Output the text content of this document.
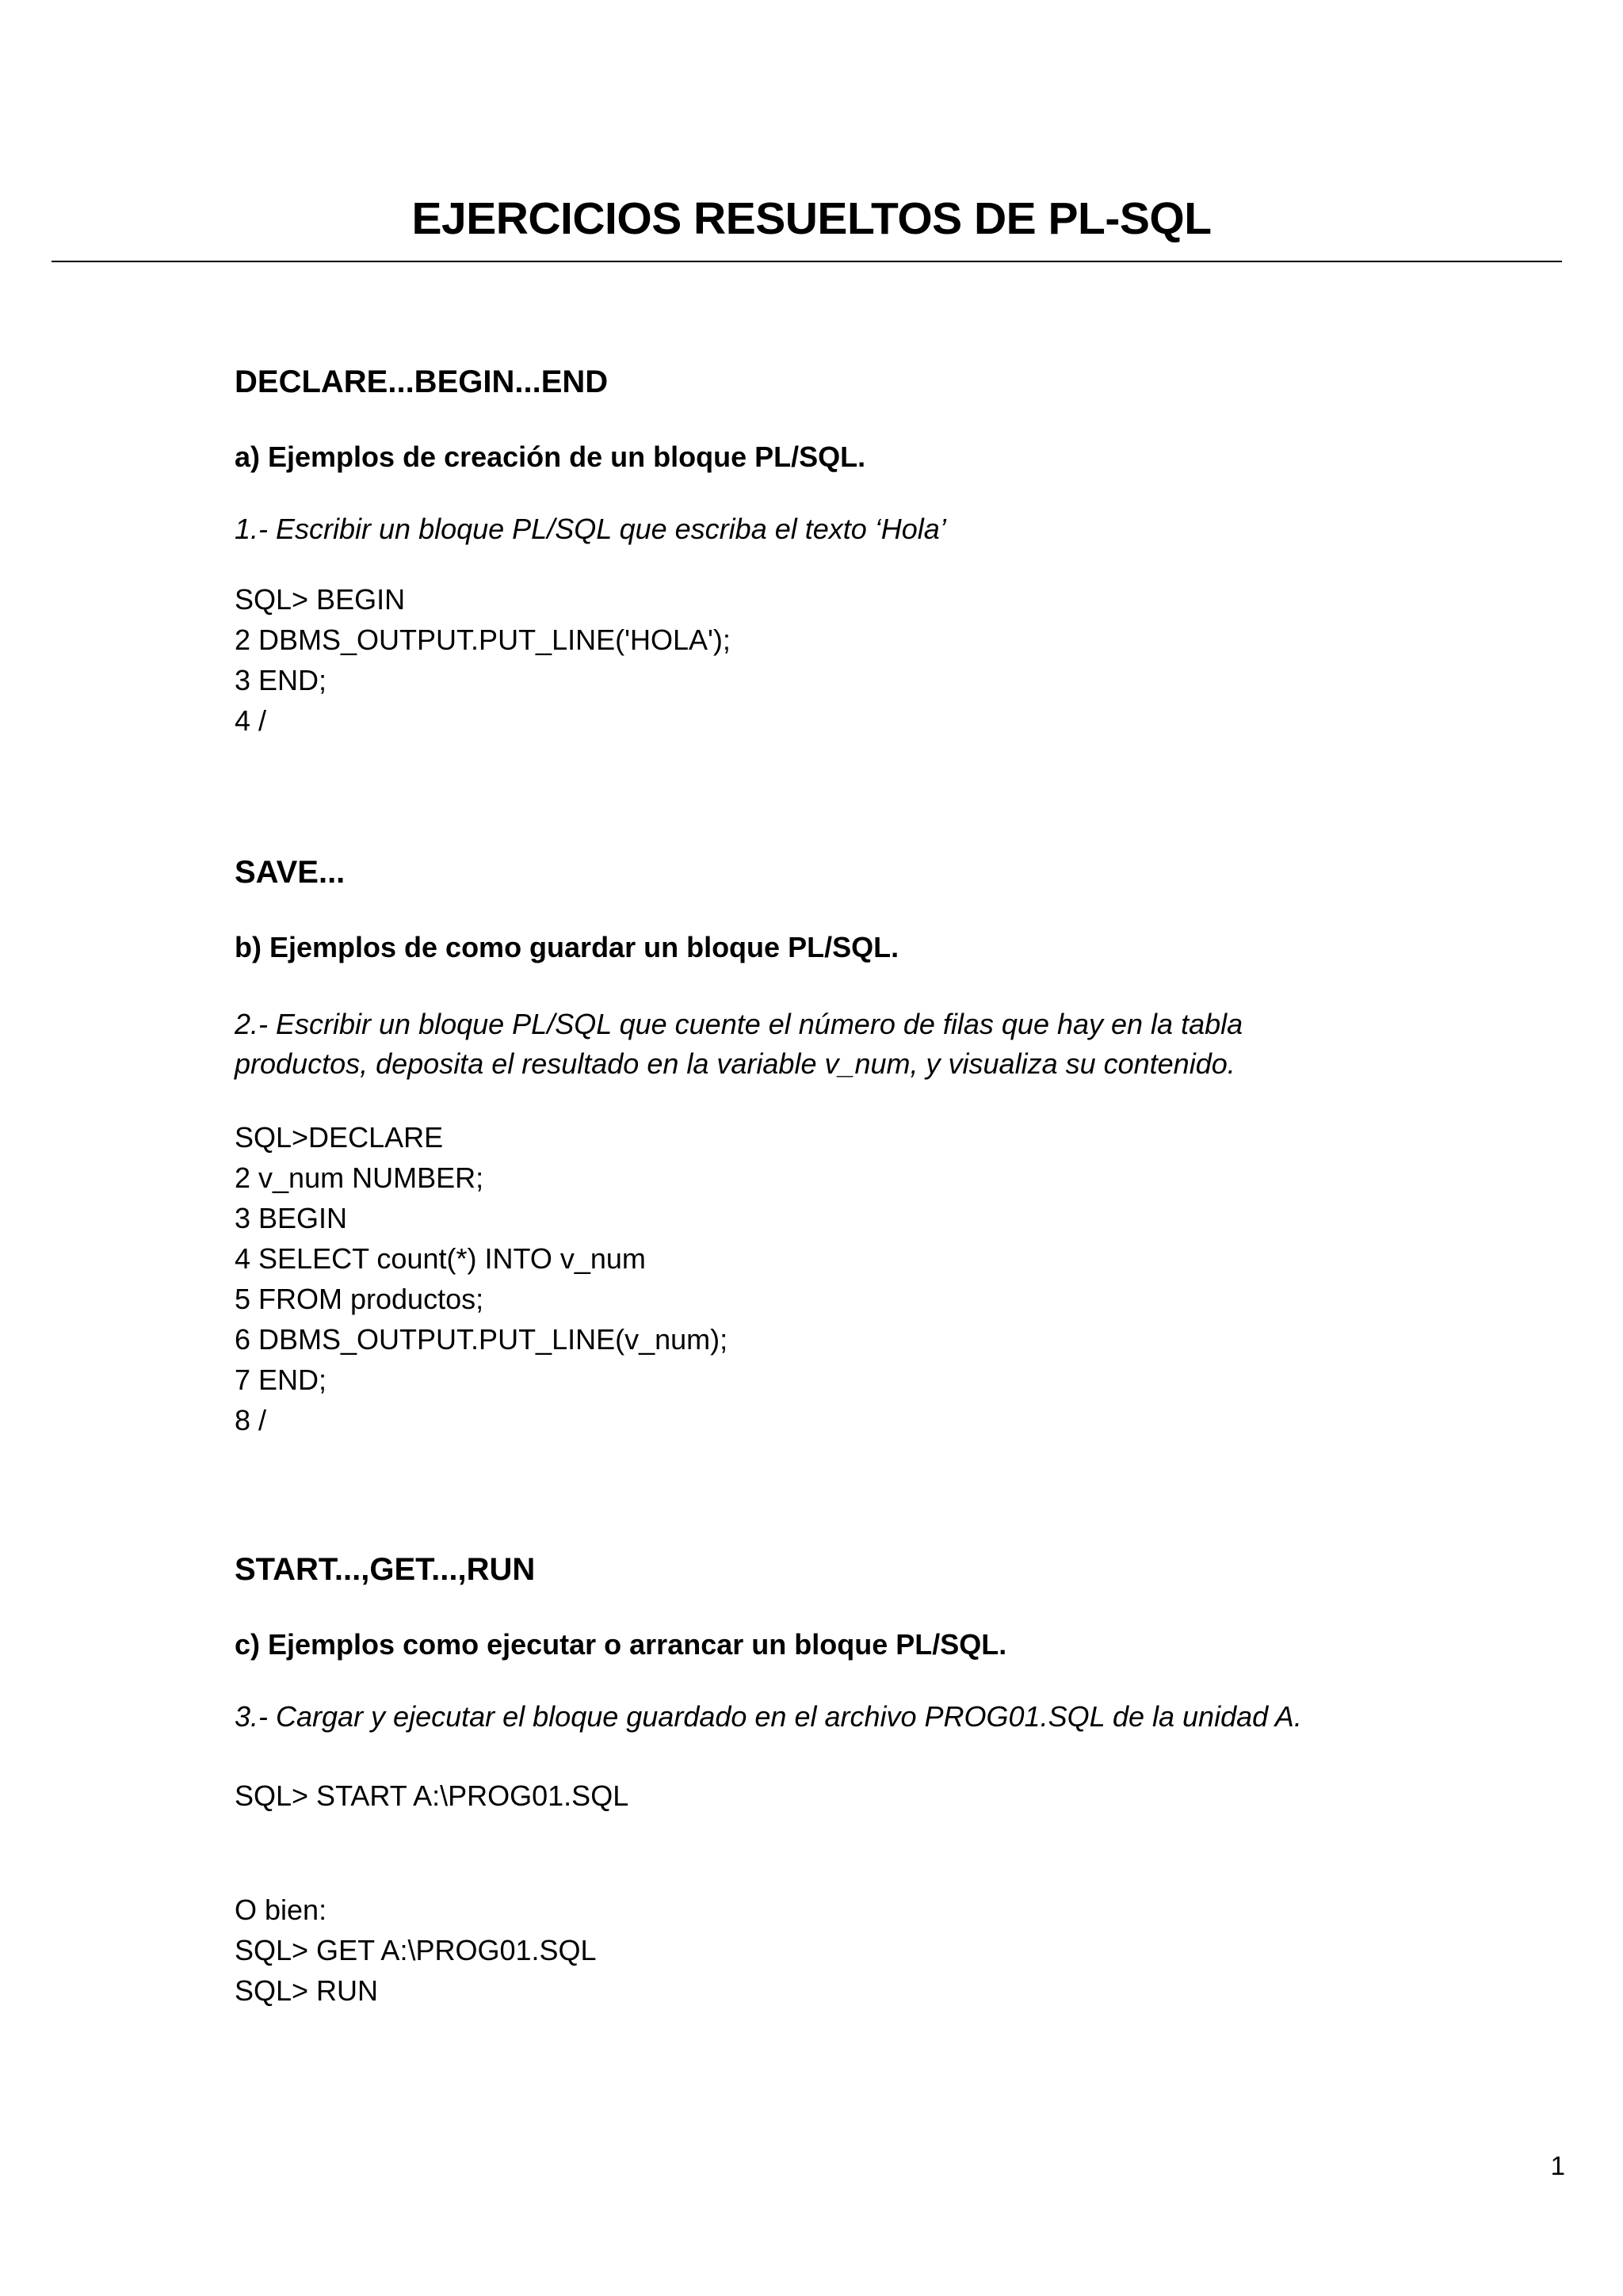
EJERCICIOS RESUELTOS DE PL-SQL
DECLARE...BEGIN...END

a) Ejemplos de creación de un bloque PL/SQL.

1.- Escribir un bloque PL/SQL que escriba el texto ‘Hola’

SQL> BEGIN

2 DBMS_OUTPUT.PUT_LINE('HOLA');

3 END;

4 /

SAVE...

b) Ejemplos de como guardar un bloque PL/SQL.

2.- Escribir un bloque PL/SQL que cuente el número de filas que hay en la tabla

productos, deposita el resultado en la variable v_num, y visualiza su contenido.

SQL>DECLARE

2 v_num NUMBER;

3 BEGIN

4 SELECT count(*) INTO v_num

5 FROM productos;

6 DBMS_OUTPUT.PUT_LINE(v_num);

7 END;

8 /

START...,GET...,RUN

c) Ejemplos como ejecutar o arrancar un bloque PL/SQL.

3.- Cargar y ejecutar el bloque guardado en el archivo PROG01.SQL de la unidad A.

SQL> START A:\PROG01.SQL

O bien:

SQL> GET A:\PROG01.SQL

SQL> RUN

1
